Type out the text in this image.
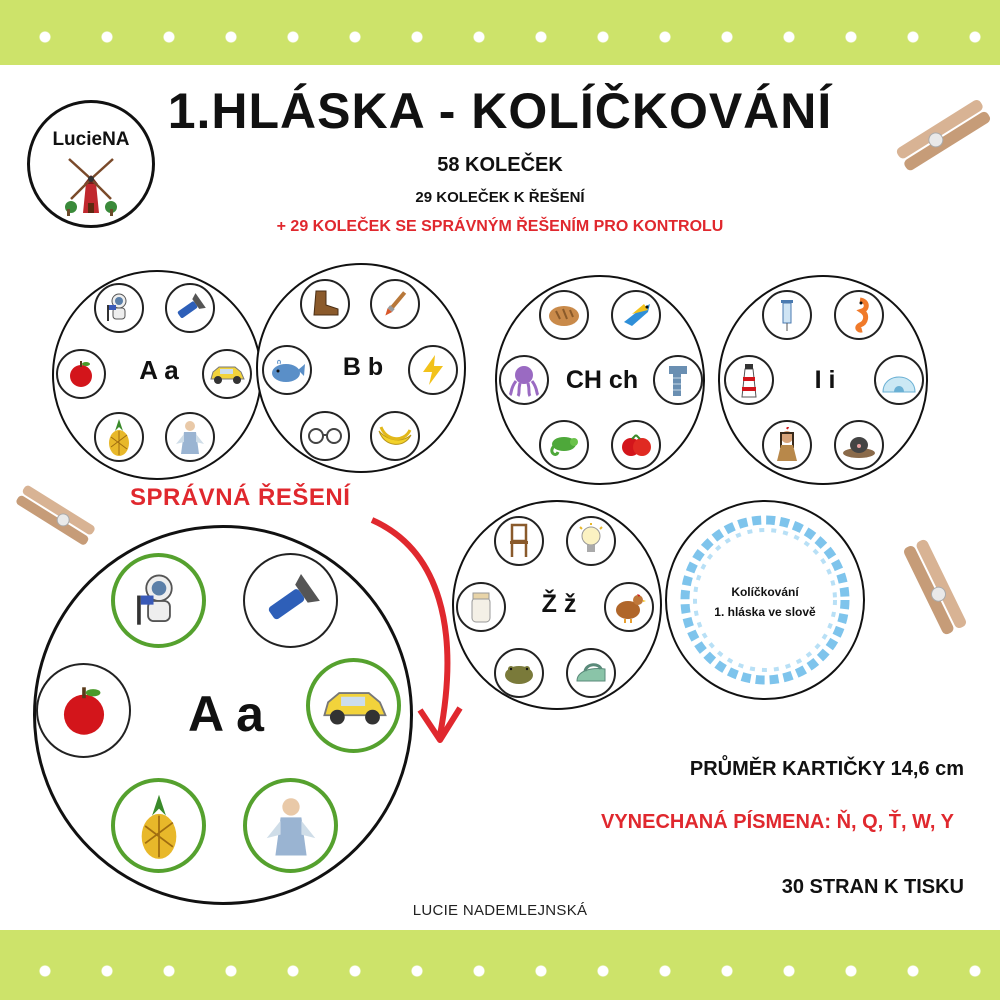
1.HLÁSKA - KOLÍČKOVÁNÍ
58 KOLEČEK
29 KOLEČEK K ŘEŠENÍ
+ 29 KOLEČEK SE SPRÁVNÝM ŘEŠENÍM PRO KONTROLU
LucieNA
A a	B b	CH ch	I i
Ž ž	Kolíčkování
1. hláska ve slově
SPRÁVNÁ ŘEŠENÍ
A a
PRŮMĚR KARTIČKY 14,6 cm
VYNECHANÁ PÍSMENA: Ň, Q, Ť, W, Y
30 STRAN K TISKU
LUCIE NADEMLEJNSKÁ
